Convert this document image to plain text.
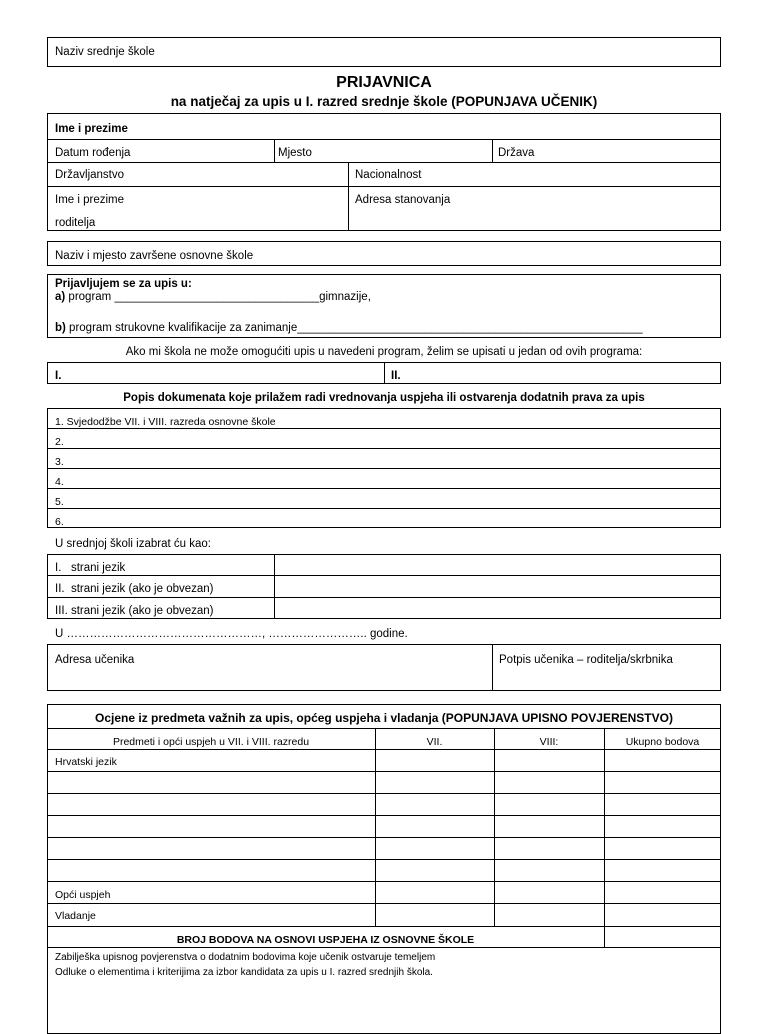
Naziv srednje škole
PRIJAVNICA
na natječaj za upis u I. razred srednje škole (POPUNJAVA UČENIK)
Ime i prezime
Datum rođenja	Mjesto	Država
Državljanstvo	Nacionalnost
Ime i prezime
roditelja
Adresa stanovanja
Naziv i mjesto završene osnovne škole
Prijavljujem se za upis u:
a) program ________________________________gimnazije,
b) program strukovne kvalifikacije za zanimanje______________________________________________________
Ako mi škola ne može omogućiti upis u navedeni program, želim se upisati u jedan od ovih programa:
I.	II.
Popis dokumenata koje prilažem radi vrednovanja uspjeha ili ostvarenja dodatnih prava za upis
1. Svjedodžbe VII. i VIII. razreda osnovne škole
2.
3.
4.
5.
6.
U srednjoj školi izabrat ću kao:
I.   strani jezik
II.  strani jezik (ako je obvezan)
III. strani jezik (ako je obvezan)
U ……………………………………………, …………………….. godine.
Adresa učenika	Potpis učenika – roditelja/skrbnika
Ocjene iz predmeta važnih za upis, općeg uspjeha i vladanja (POPUNJAVA UPISNO POVJERENSTVO)
Predmeti i opći uspjeh u VII. i VIII. razredu	VII.	VIII:	Ukupno bodova
Hrvatski jezik
Opći uspjeh
Vladanje
BROJ BODOVA NA OSNOVI USPJEHA IZ OSNOVNE ŠKOLE
Zabilješka upisnog povjerenstva o dodatnim bodovima koje učenik ostvaruje temeljem
Odluke o elementima i kriterijima za izbor kandidata za upis u I. razred srednjih škola.
